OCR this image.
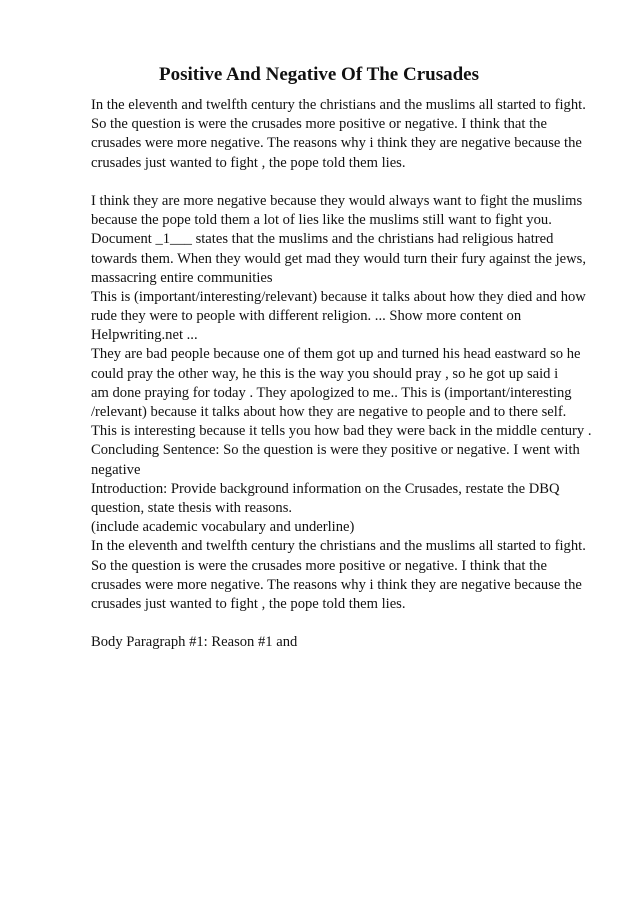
Positive And Negative Of The Crusades
In the eleventh and twelfth century the christians and the muslims all started to fight.
So the question is were the crusades more positive or negative. I think that the
crusades were more negative. The reasons why i think they are negative because the
crusades just wanted to fight , the pope told them lies.
I think they are more negative because they would always want to fight the muslims
because the pope told them a lot of lies like the muslims still want to fight you.
Document _1___ states that the muslims and the christians had religious hatred
towards them. When they would get mad they would turn their fury against the jews,
massacring entire communities
This is (important/interesting/relevant) because it talks about how they died and how
rude they were to people with different religion. ... Show more content on
Helpwriting.net ...
They are bad people because one of them got up and turned his head eastward so he
could pray the other way, he this is the way you should pray , so he got up said i
am done praying for today . They apologized to me.. This is (important/interesting
/relevant) because it talks about how they are negative to people and to there self.
This is interesting because it tells you how bad they were back in the middle century .
Concluding Sentence: So the question is were they positive or negative. I went with
negative
Introduction: Provide background information on the Crusades, restate the DBQ
question, state thesis with reasons.
(include academic vocabulary and underline)
In the eleventh and twelfth century the christians and the muslims all started to fight.
So the question is were the crusades more positive or negative. I think that the
crusades were more negative. The reasons why i think they are negative because the
crusades just wanted to fight , the pope told them lies.
Body Paragraph #1: Reason #1 and
